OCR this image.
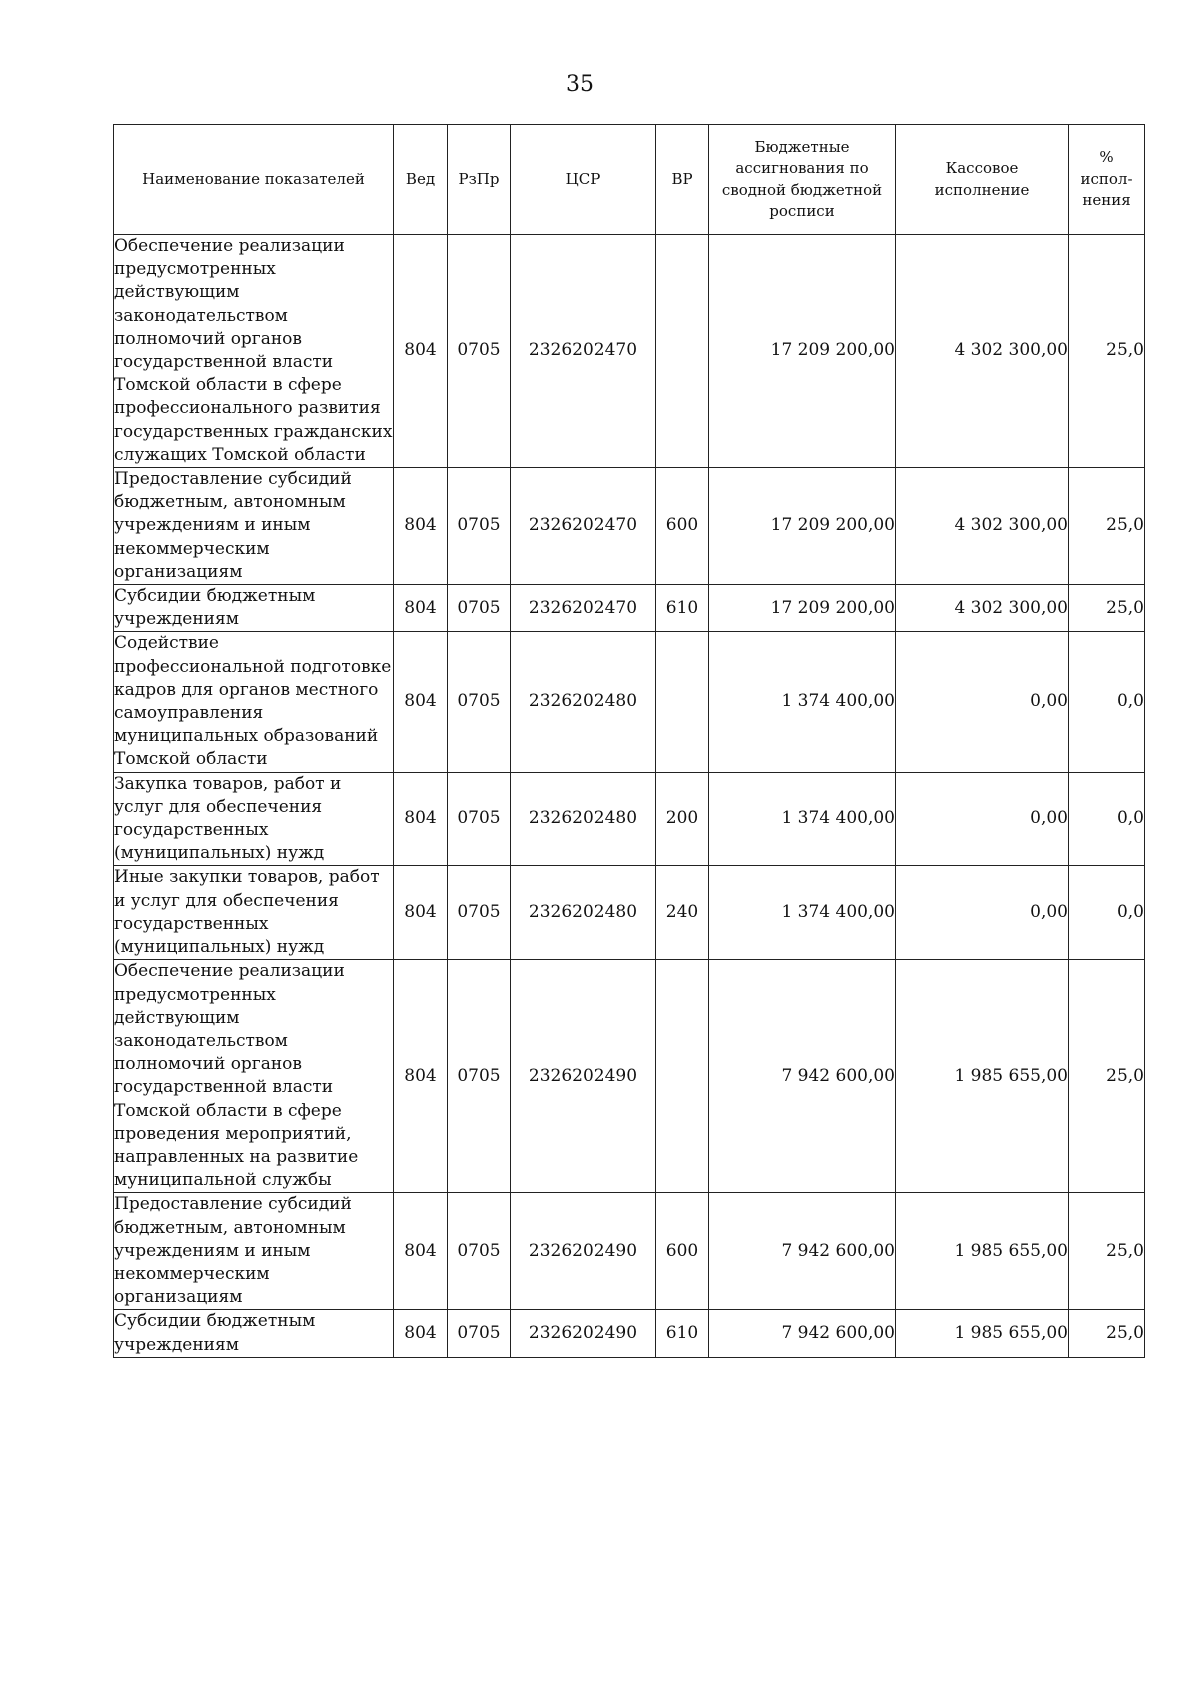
35
Наименование показателей	Вед	РзПр	ЦСР	ВР	Бюджетные ассигнования по сводной бюджетной росписи	Кассовое исполнение	% испол-нения
Обеспечение реализации предусмотренных действующим законодательством полномочий органов государственной власти Томской области в сфере профессионального развития государственных гражданских служащих Томской области	804	0705	2326202470		17 209 200,00	4 302 300,00	25,0
Предоставление субсидий бюджетным, автономным учреждениям и иным некоммерческим организациям	804	0705	2326202470	600	17 209 200,00	4 302 300,00	25,0
Субсидии бюджетным учреждениям	804	0705	2326202470	610	17 209 200,00	4 302 300,00	25,0
Содействие профессиональной подготовке кадров для органов местного самоуправления муниципальных образований Томской области	804	0705	2326202480		1 374 400,00	0,00	0,0
Закупка товаров, работ и услуг для обеспечения государственных (муниципальных) нужд	804	0705	2326202480	200	1 374 400,00	0,00	0,0
Иные закупки товаров, работ и услуг для обеспечения государственных (муниципальных) нужд	804	0705	2326202480	240	1 374 400,00	0,00	0,0
Обеспечение реализации предусмотренных действующим законодательством полномочий органов государственной власти Томской области в сфере проведения мероприятий, направленных на развитие муниципальной службы	804	0705	2326202490		7 942 600,00	1 985 655,00	25,0
Предоставление субсидий бюджетным, автономным учреждениям и иным некоммерческим организациям	804	0705	2326202490	600	7 942 600,00	1 985 655,00	25,0
Субсидии бюджетным учреждениям	804	0705	2326202490	610	7 942 600,00	1 985 655,00	25,0
